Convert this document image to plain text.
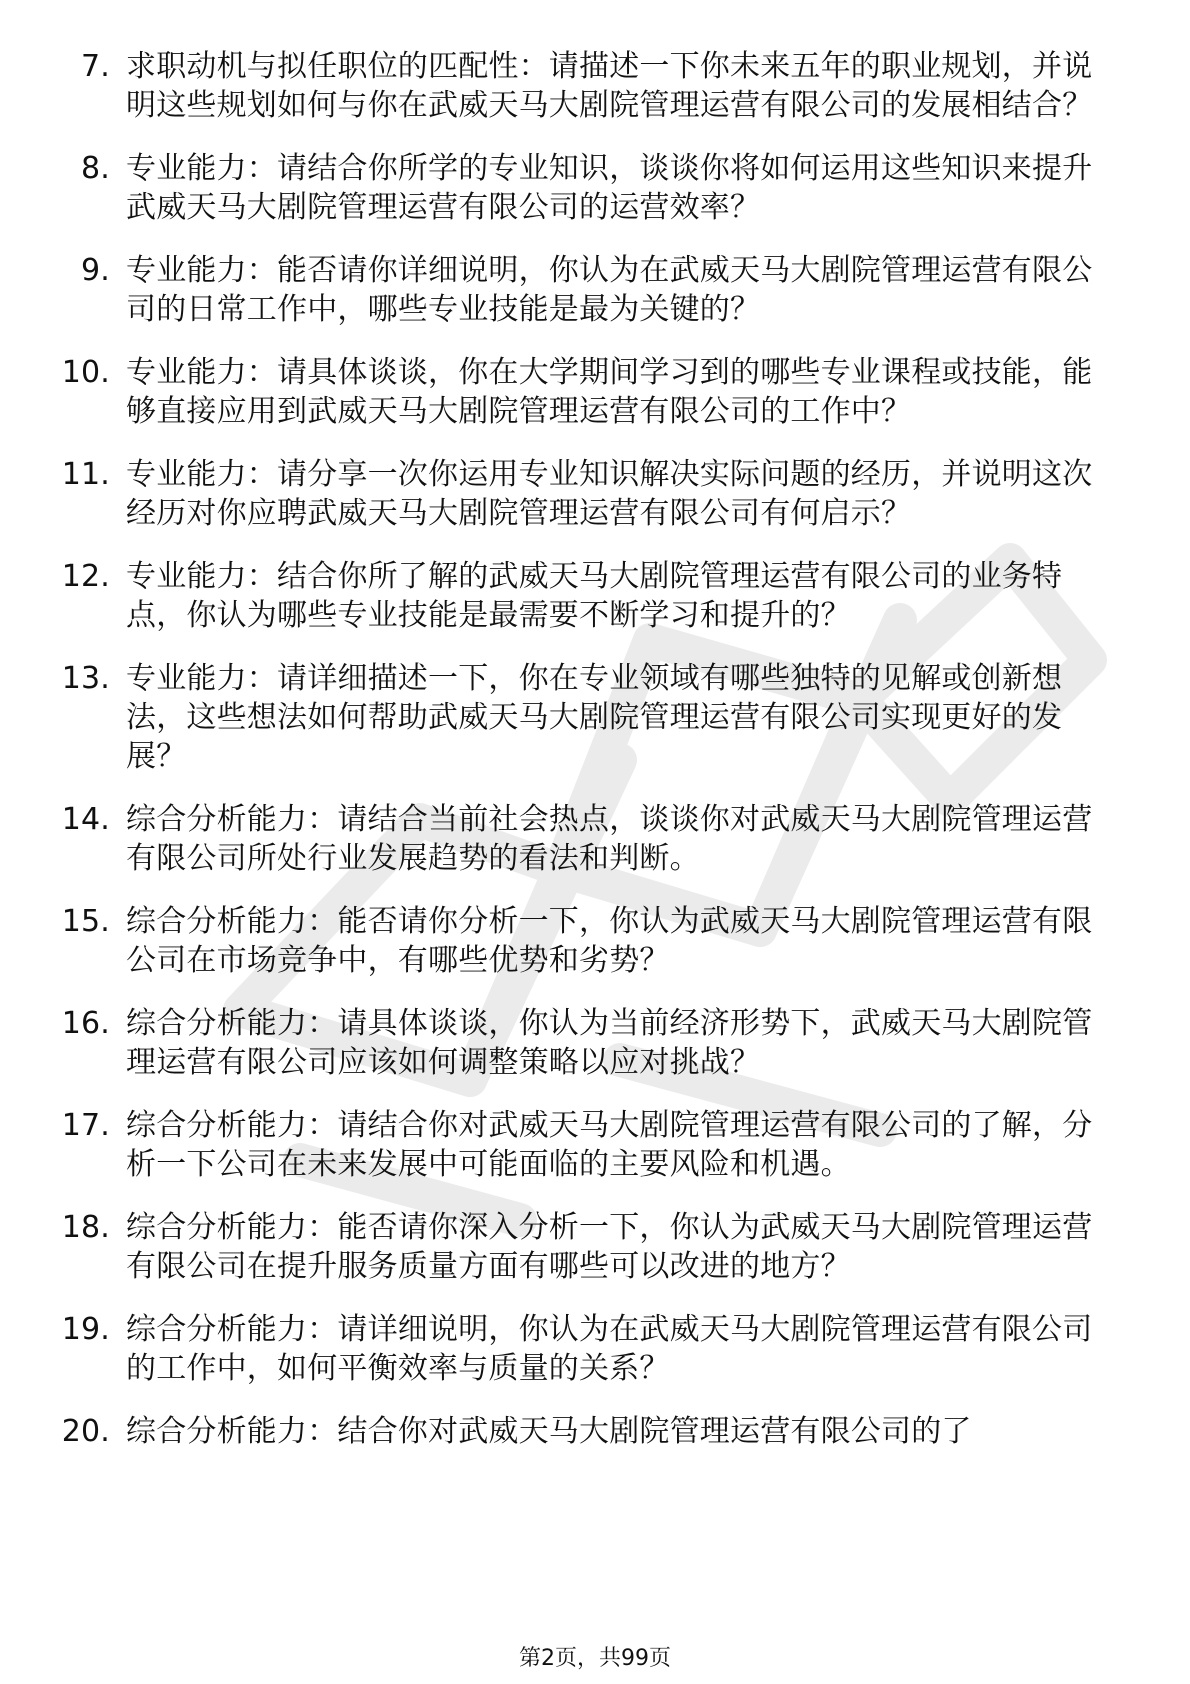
7. 求职动机与拟任职位的匹配性：请描述一下你未来五年的职业规划，并说明这些规划如何与你在武威天马大剧院管理运营有限公司的发展相结合？
8. 专业能力：请结合你所学的专业知识，谈谈你将如何运用这些知识来提升武威天马大剧院管理运营有限公司的运营效率？
9. 专业能力：能否请你详细说明，你认为在武威天马大剧院管理运营有限公司的日常工作中，哪些专业技能是最为关键的？
10. 专业能力：请具体谈谈，你在大学期间学习到的哪些专业课程或技能，能够直接应用到武威天马大剧院管理运营有限公司的工作中？
11. 专业能力：请分享一次你运用专业知识解决实际问题的经历，并说明这次经历对你应聘武威天马大剧院管理运营有限公司有何启示？
12. 专业能力：结合你所了解的武威天马大剧院管理运营有限公司的业务特点，你认为哪些专业技能是最需要不断学习和提升的？
13. 专业能力：请详细描述一下，你在专业领域有哪些独特的见解或创新想法，这些想法如何帮助武威天马大剧院管理运营有限公司实现更好的发展？
14. 综合分析能力：请结合当前社会热点，谈谈你对武威天马大剧院管理运营有限公司所处行业发展趋势的看法和判断。
15. 综合分析能力：能否请你分析一下，你认为武威天马大剧院管理运营有限公司在市场竞争中，有哪些优势和劣势？
16. 综合分析能力：请具体谈谈，你认为当前经济形势下，武威天马大剧院管理运营有限公司应该如何调整策略以应对挑战？
17. 综合分析能力：请结合你对武威天马大剧院管理运营有限公司的了解，分析一下公司在未来发展中可能面临的主要风险和机遇。
18. 综合分析能力：能否请你深入分析一下，你认为武威天马大剧院管理运营有限公司在提升服务质量方面有哪些可以改进的地方？
19. 综合分析能力：请详细说明，你认为在武威天马大剧院管理运营有限公司的工作中，如何平衡效率与质量的关系？
20. 综合分析能力：结合你对武威天马大剧院管理运营有限公司的了
第2页，共99页
